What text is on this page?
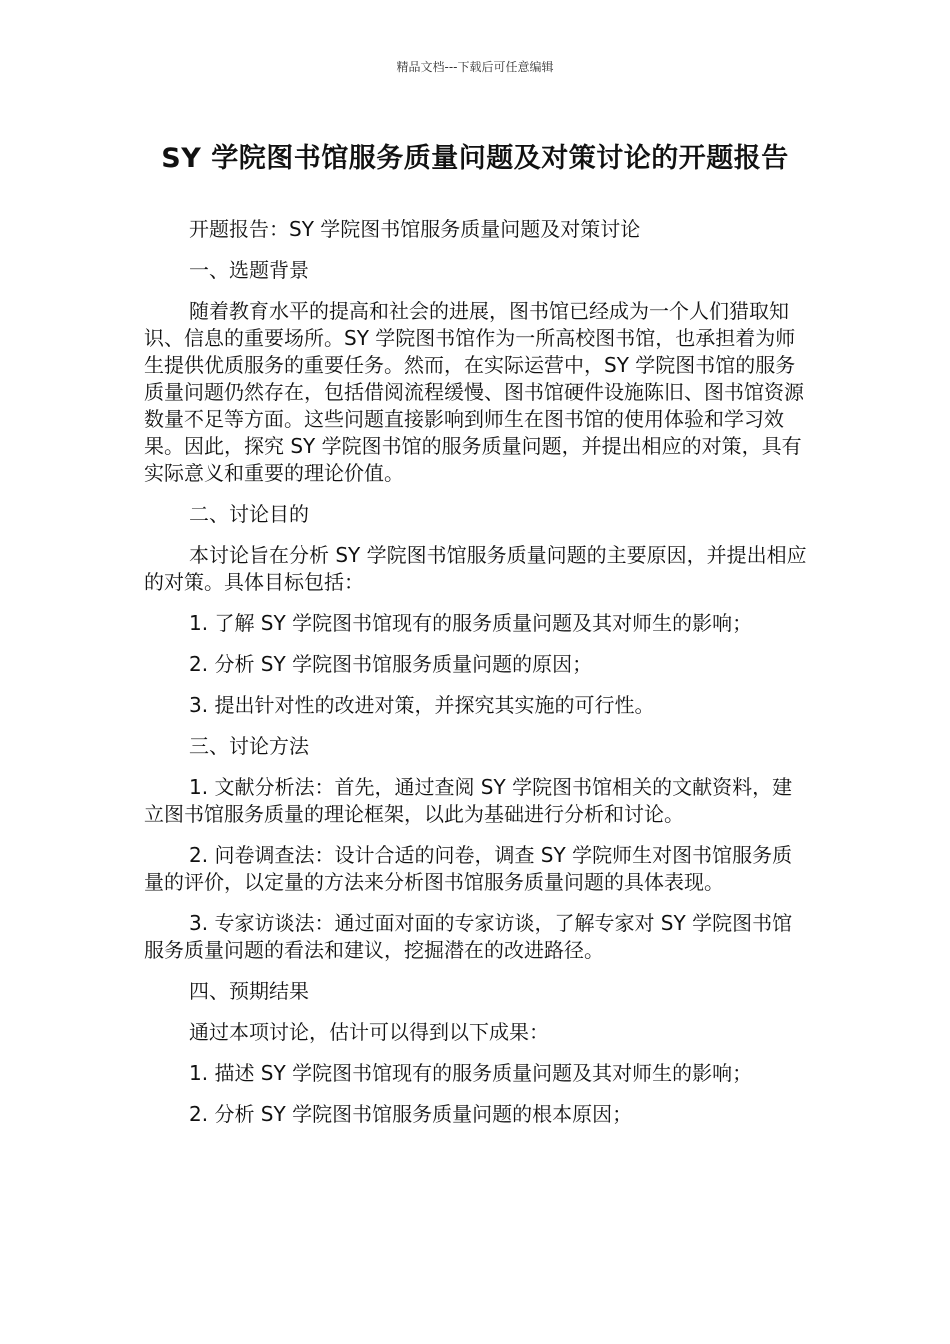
精品文档---下载后可任意编辑
SY 学院图书馆服务质量问题及对策讨论的开题报告

开题报告：SY 学院图书馆服务质量问题及对策讨论

一、选题背景

随着教育水平的提高和社会的进展，图书馆已经成为一个人们猎取知识、信息的重要场所。SY 学院图书馆作为一所高校图书馆，也承担着为师生提供优质服务的重要任务。然而，在实际运营中，SY 学院图书馆的服务质量问题仍然存在，包括借阅流程缓慢、图书馆硬件设施陈旧、图书馆资源数量不足等方面。这些问题直接影响到师生在图书馆的使用体验和学习效果。因此，探究 SY 学院图书馆的服务质量问题，并提出相应的对策，具有实际意义和重要的理论价值。

二、讨论目的

本讨论旨在分析 SY 学院图书馆服务质量问题的主要原因，并提出相应的对策。具体目标包括：

1. 了解 SY 学院图书馆现有的服务质量问题及其对师生的影响；

2. 分析 SY 学院图书馆服务质量问题的原因；

3. 提出针对性的改进对策，并探究其实施的可行性。

三、讨论方法

1. 文献分析法：首先，通过查阅 SY 学院图书馆相关的文献资料，建立图书馆服务质量的理论框架，以此为基础进行分析和讨论。

2. 问卷调查法：设计合适的问卷，调查 SY 学院师生对图书馆服务质量的评价，以定量的方法来分析图书馆服务质量问题的具体表现。

3. 专家访谈法：通过面对面的专家访谈，了解专家对 SY 学院图书馆服务质量问题的看法和建议，挖掘潜在的改进路径。

四、预期结果

通过本项讨论，估计可以得到以下成果：

1. 描述 SY 学院图书馆现有的服务质量问题及其对师生的影响；

2. 分析 SY 学院图书馆服务质量问题的根本原因；
